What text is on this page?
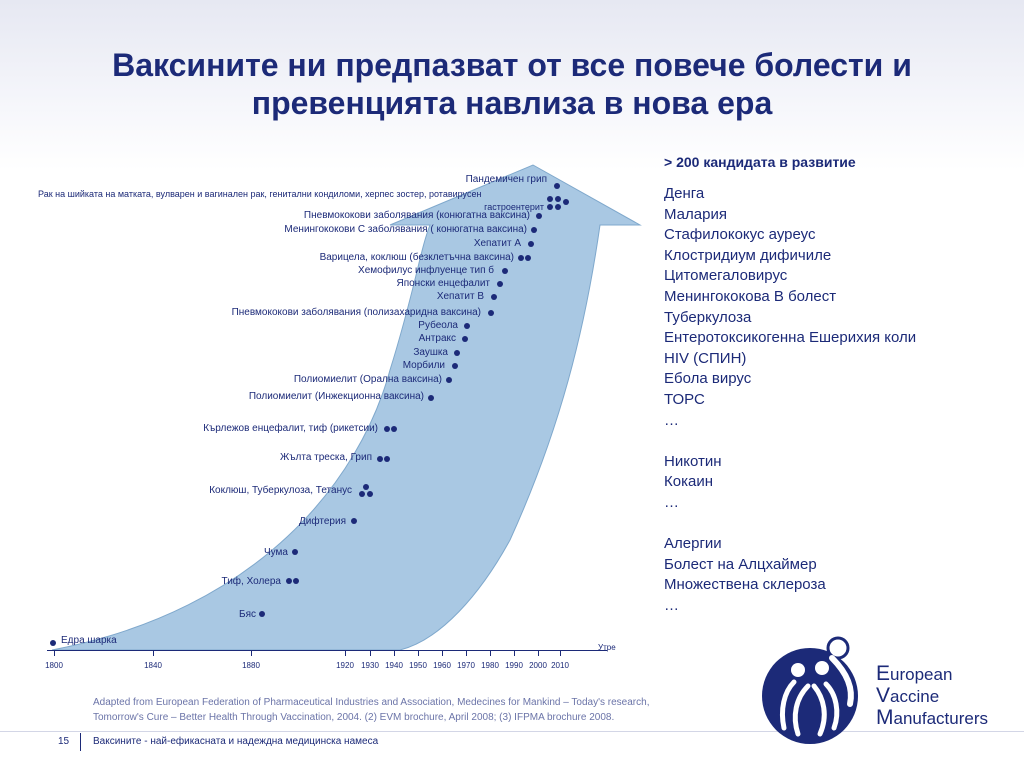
Ваксините ни предпазват от все повече болести и
превенцията навлиза в нова ера
Пандемичен грип
Рак на шийката на матката, вулварен и вагинален рак, генитални кондиломи, херпес зостер, ротавирусен
гастроентерит
Пневмококови заболявания (конюгатна ваксина)
Менингококови С заболявания ( конюгатна ваксина)
Хепатит А
Варицела, коклюш (безклетъчна ваксина)
Хемофилус инфлуенце тип б
Японски енцефалит
Хепатит В
Пневмококови заболявания (полизахаридна ваксина)
Рубеола
Антракс
Заушка
Морбили
Полиомиелит (Орална ваксина)
Полиомиелит (Инжекционна ваксина)
Кърлежов енцефалит, тиф (рикетсии)
Жълта треска, Грип
Коклюш, Туберкулоза, Тетанус
Дифтерия
Чума
Тиф, Холера
Бяс
Едра шарка
1800	1840	1880	1920 1930 1940 1950 1960 1970 1980 1990 2000 2010
Утре
> 200 кандидата в развитие
Денга
Малария
Стафилококус ауреус
Клостридиум дифичиле
Цитомегаловирус
Менингококова В болест
Туберкулоза
Ентеротоксикогенна Ешерихия коли
HIV (СПИН)
Ебола вирус
ТОРС
…
Никотин
Кокаин
…
Алергии
Болест на Алцхаймер
Множествена склероза
…
Adapted from European Federation of Pharmaceutical Industries and Association, Medecines for Mankind – Today's research,
Tomorrow's Cure – Better Health Through Vaccination, 2004. (2) EVM brochure, April 2008; (3) IFPMA brochure 2008.
15 Ваксините - най-ефикасната и надеждна медицинска намеса
European
Vaccine
Manufacturers
